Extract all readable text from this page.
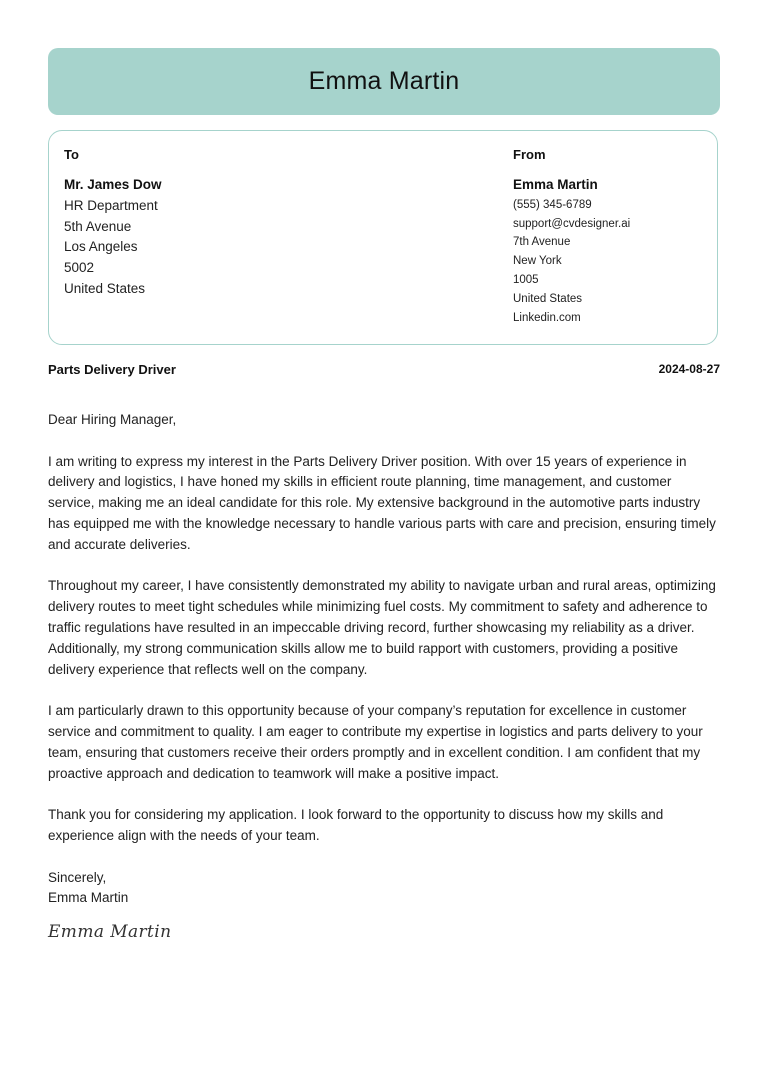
Emma Martin
To
Mr. James Dow
HR Department
5th Avenue
Los Angeles
5002
United States
From
Emma Martin
(555) 345-6789
support@cvdesigner.ai
7th Avenue
New York
1005
United States
Linkedin.com
Parts Delivery Driver	2024-08-27

Dear Hiring Manager,

I am writing to express my interest in the Parts Delivery Driver position. With over 15 years of experience in delivery and logistics, I have honed my skills in efficient route planning, time management, and customer service, making me an ideal candidate for this role. My extensive background in the automotive parts industry has equipped me with the knowledge necessary to handle various parts with care and precision, ensuring timely and accurate deliveries.

Throughout my career, I have consistently demonstrated my ability to navigate urban and rural areas, optimizing delivery routes to meet tight schedules while minimizing fuel costs. My commitment to safety and adherence to traffic regulations have resulted in an impeccable driving record, further showcasing my reliability as a driver. Additionally, my strong communication skills allow me to build rapport with customers, providing a positive delivery experience that reflects well on the company.

I am particularly drawn to this opportunity because of your company’s reputation for excellence in customer service and commitment to quality. I am eager to contribute my expertise in logistics and parts delivery to your team, ensuring that customers receive their orders promptly and in excellent condition. I am confident that my proactive approach and dedication to teamwork will make a positive impact.

Thank you for considering my application. I look forward to the opportunity to discuss how my skills and experience align with the needs of your team.

Sincerely,
Emma Martin

Emma Martin
